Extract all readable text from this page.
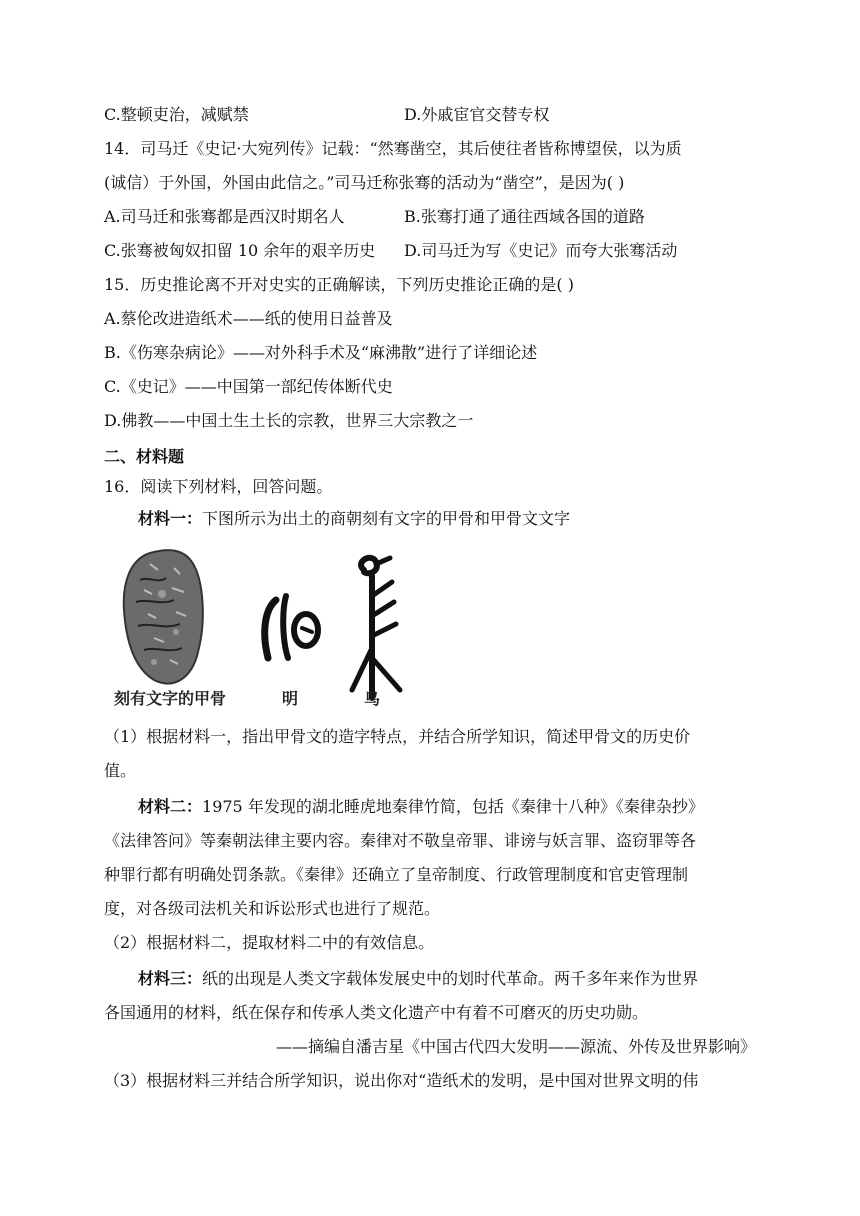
C.整顿吏治，减赋禁	D.外戚宦官交替专权
14．司马迁《史记·大宛列传》记载：“然骞凿空，其后使往者皆称博望侯，以为质
(诚信）于外国，外国由此信之。”司马迁称张骞的活动为“凿空”，是因为( )
A.司马迁和张骞都是西汉时期名人	B.张骞打通了通往西域各国的道路
C.张骞被匈奴扣留 10 余年的艰辛历史 D.司马迁为写《史记》而夸大张骞活动
15．历史推论离不开对史实的正确解读，下列历史推论正确的是( )
A.蔡伦改进造纸术——纸的使用日益普及
B.《伤寒杂病论》——对外科手术及“麻沸散”进行了详细论述
C.《史记》——中国第一部纪传体断代史
D.佛教——中国土生土长的宗教，世界三大宗教之一
二、材料题
16．阅读下列材料，回答问题。
材料一：下图所示为出土的商朝刻有文字的甲骨和甲骨文文字
刻有文字的甲骨	明	鸟
（1）根据材料一，指出甲骨文的造字特点，并结合所学知识，简述甲骨文的历史价
值。
材料二：1975 年发现的湖北睡虎地秦律竹简，包括《秦律十八种》《秦律杂抄》
《法律答问》等秦朝法律主要内容。秦律对不敬皇帝罪、诽谤与妖言罪、盗窃罪等各
种罪行都有明确处罚条款。《秦律》还确立了皇帝制度、行政管理制度和官吏管理制
度，对各级司法机关和诉讼形式也进行了规范。
（2）根据材料二，提取材料二中的有效信息。
材料三：纸的出现是人类文字载体发展史中的划时代革命。两千多年来作为世界
各国通用的材料，纸在保存和传承人类文化遗产中有着不可磨灭的历史功勋。
——摘编自潘吉星《中国古代四大发明——源流、外传及世界影响》
（3）根据材料三并结合所学知识，说出你对“造纸术的发明，是中国对世界文明的伟
